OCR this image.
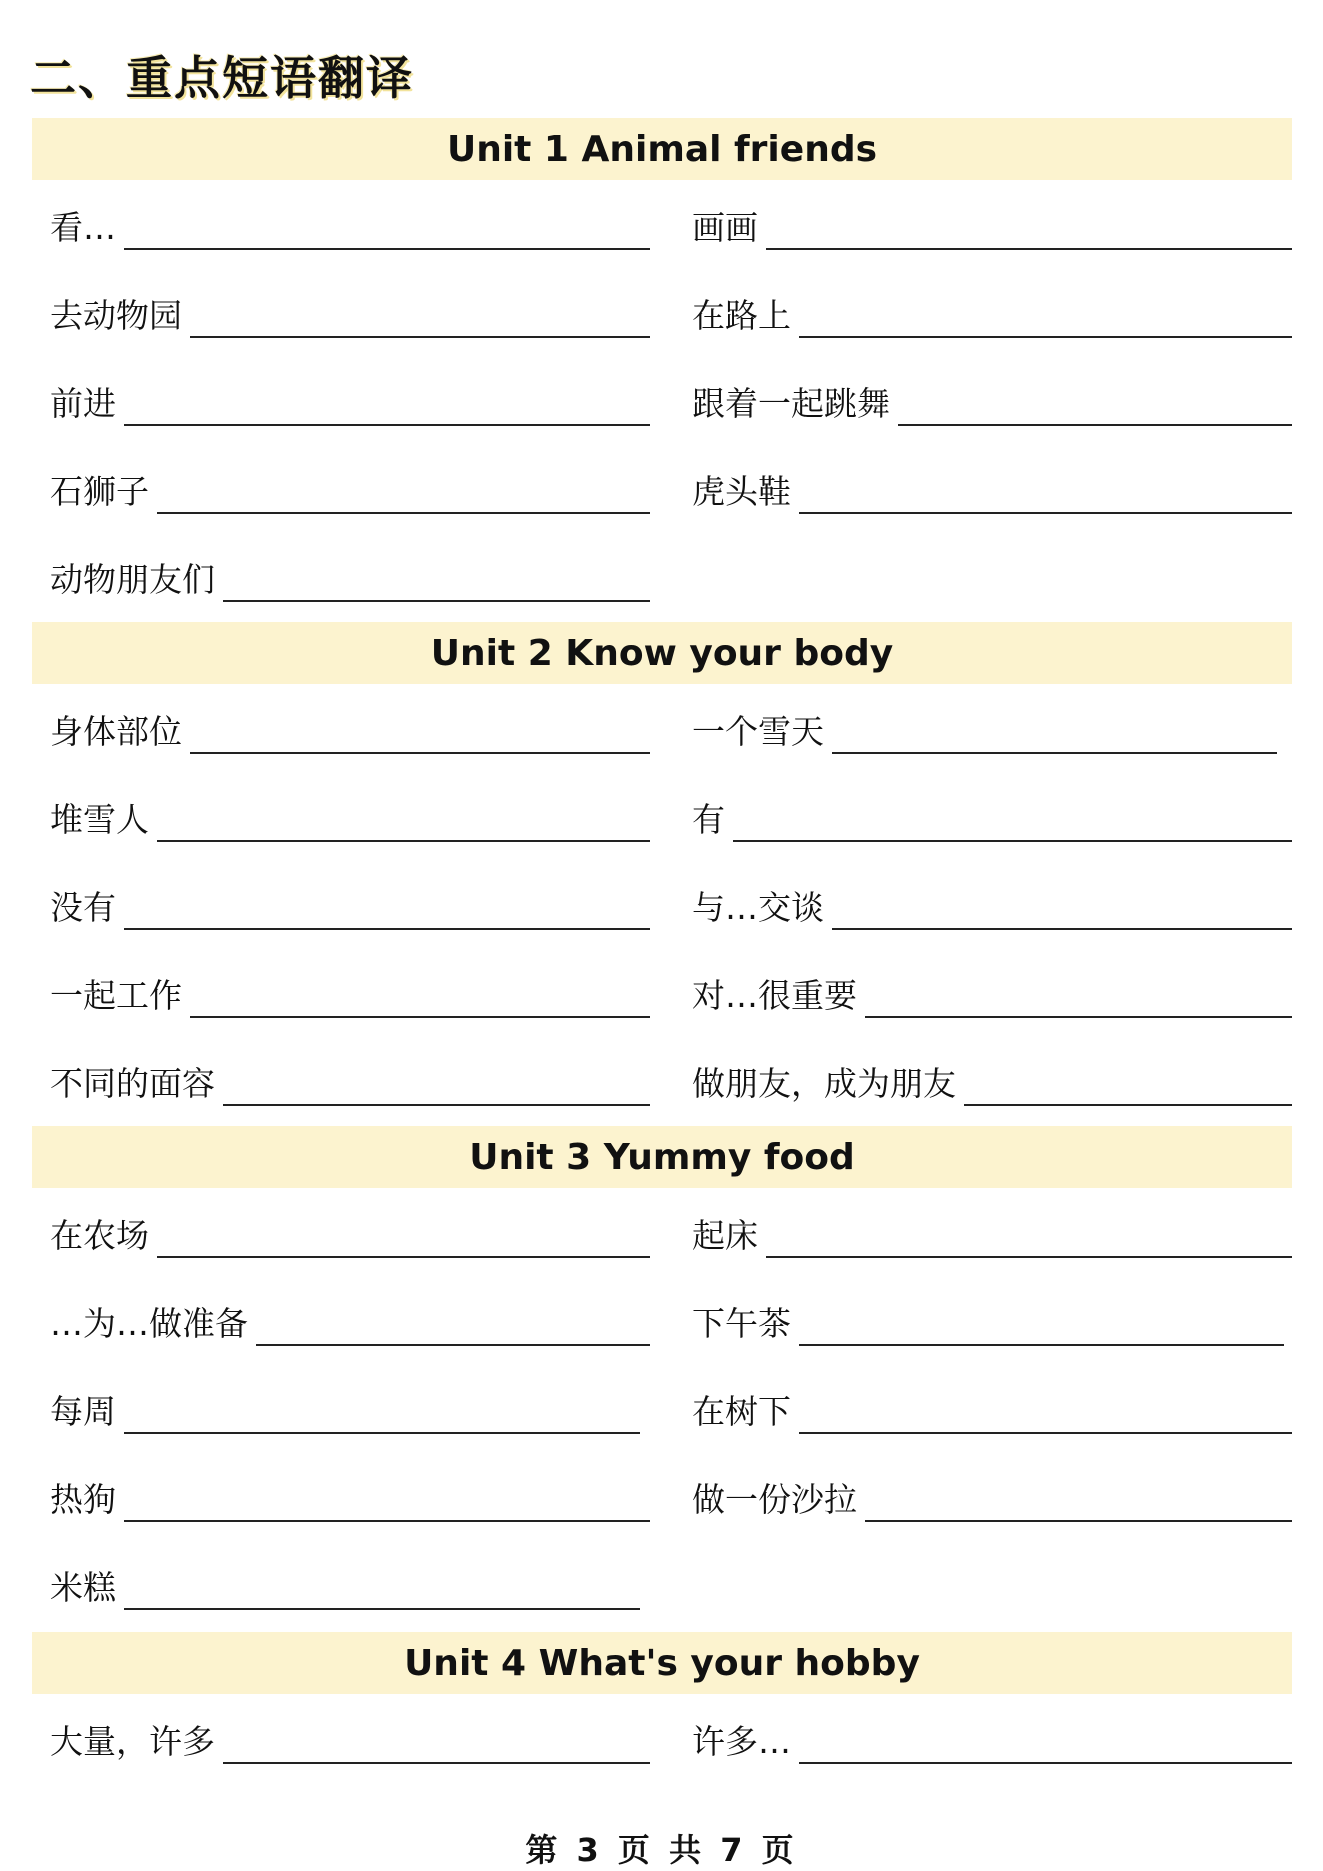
二、重点短语翻译
Unit 1 Animal friends
看…	画画
去动物园	在路上
前进	跟着一起跳舞
石狮子	虎头鞋
动物朋友们
Unit 2 Know your body
身体部位	一个雪天
堆雪人	有
没有	与…交谈
一起工作	对…很重要
不同的面容	做朋友，成为朋友
Unit 3 Yummy food
在农场	起床
…为…做准备	下午茶
每周	在树下
热狗	做一份沙拉
米糕
Unit 4 What's your hobby
大量，许多	许多…
第 3 页 共 7 页
